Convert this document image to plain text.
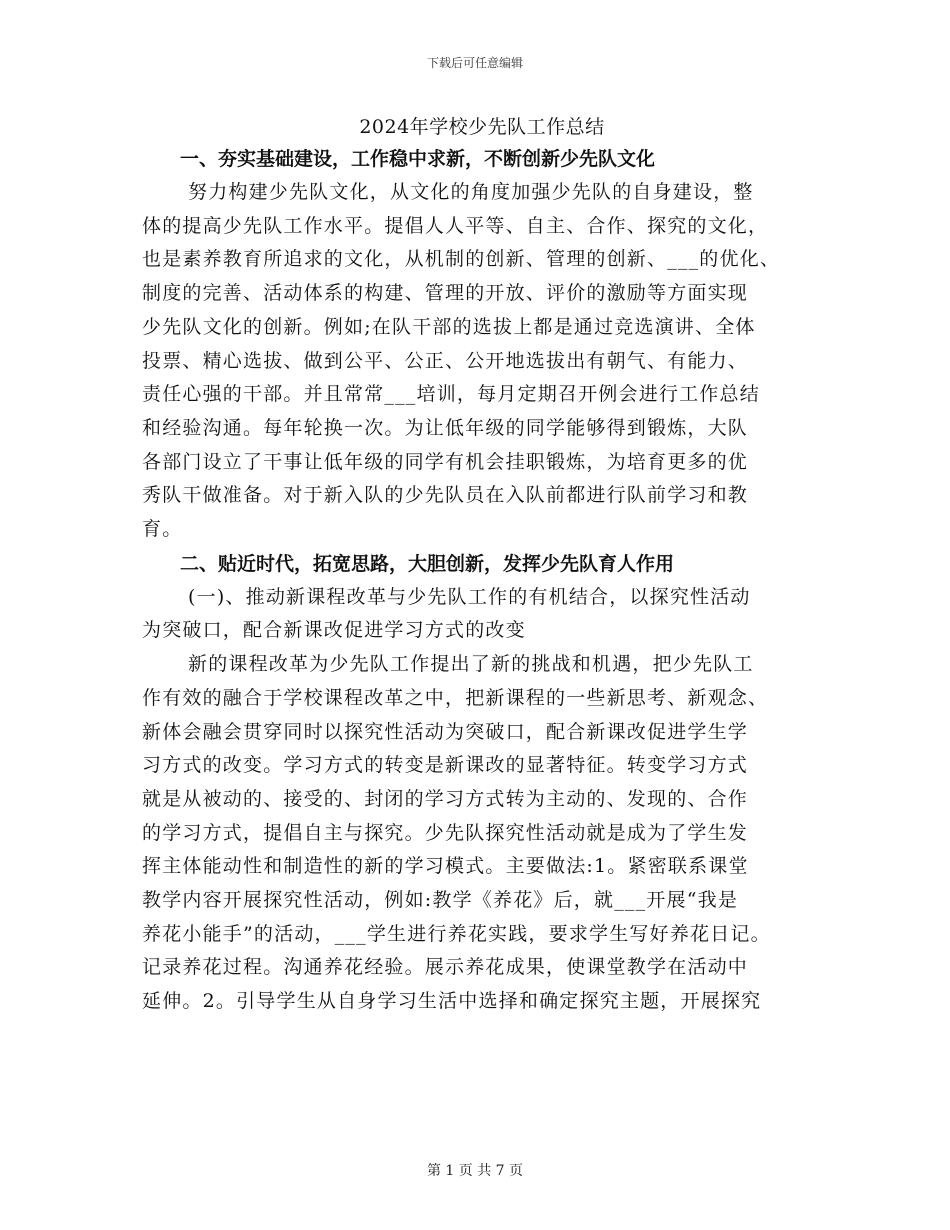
下载后可任意编辑
2024年学校少先队工作总结
一、夯实基础建设，工作稳中求新，不断创新少先队文化
努力构建少先队文化，从文化的角度加强少先队的自身建设，整
体的提高少先队工作水平。提倡人人平等、自主、合作、探究的文化，
也是素养教育所追求的文化，从机制的创新、管理的创新、___的优化、
制度的完善、活动体系的构建、管理的开放、评价的激励等方面实现
少先队文化的创新。例如;在队干部的选拔上都是通过竞选演讲、全体
投票、精心选拔、做到公平、公正、公开地选拔出有朝气、有能力、
责任心强的干部。并且常常___培训，每月定期召开例会进行工作总结
和经验沟通。每年轮换一次。为让低年级的同学能够得到锻炼，大队
各部门设立了干事让低年级的同学有机会挂职锻炼，为培育更多的优
秀队干做准备。对于新入队的少先队员在入队前都进行队前学习和教
育。
二、贴近时代，拓宽思路，大胆创新，发挥少先队育人作用
(一)、推动新课程改革与少先队工作的有机结合，以探究性活动
为突破口，配合新课改促进学习方式的改变
新的课程改革为少先队工作提出了新的挑战和机遇，把少先队工
作有效的融合于学校课程改革之中，把新课程的一些新思考、新观念、
新体会融会贯穿同时以探究性活动为突破口，配合新课改促进学生学
习方式的改变。学习方式的转变是新课改的显著特征。转变学习方式
就是从被动的、接受的、封闭的学习方式转为主动的、发现的、合作
的学习方式，提倡自主与探究。少先队探究性活动就是成为了学生发
挥主体能动性和制造性的新的学习模式。主要做法:1。紧密联系课堂
教学内容开展探究性活动，例如:教学《养花》后，就___开展“我是
养花小能手”的活动，___学生进行养花实践，要求学生写好养花日记。
记录养花过程。沟通养花经验。展示养花成果，使课堂教学在活动中
延伸。2。引导学生从自身学习生活中选择和确定探究主题，开展探究
第 1 页 共 7 页
